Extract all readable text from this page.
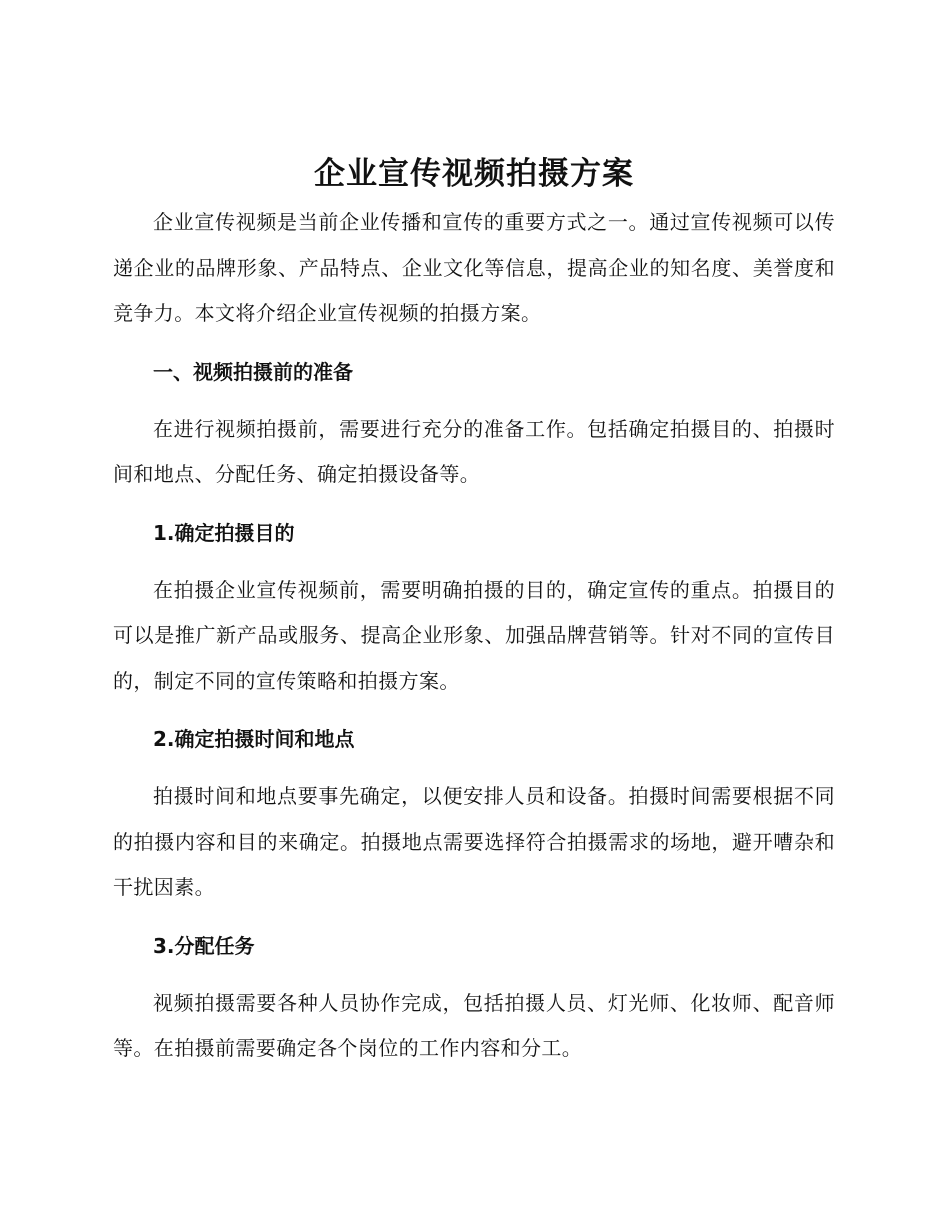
企业宣传视频拍摄方案

企业宣传视频是当前企业传播和宣传的重要方式之一。通过宣传视频可以传递企业的品牌形象、产品特点、企业文化等信息，提高企业的知名度、美誉度和竞争力。本文将介绍企业宣传视频的拍摄方案。

一、视频拍摄前的准备

在进行视频拍摄前，需要进行充分的准备工作。包括确定拍摄目的、拍摄时间和地点、分配任务、确定拍摄设备等。

1.确定拍摄目的

在拍摄企业宣传视频前，需要明确拍摄的目的，确定宣传的重点。拍摄目的可以是推广新产品或服务、提高企业形象、加强品牌营销等。针对不同的宣传目的，制定不同的宣传策略和拍摄方案。

2.确定拍摄时间和地点

拍摄时间和地点要事先确定，以便安排人员和设备。拍摄时间需要根据不同的拍摄内容和目的来确定。拍摄地点需要选择符合拍摄需求的场地，避开嘈杂和干扰因素。

3.分配任务

视频拍摄需要各种人员协作完成，包括拍摄人员、灯光师、化妆师、配音师等。在拍摄前需要确定各个岗位的工作内容和分工。
